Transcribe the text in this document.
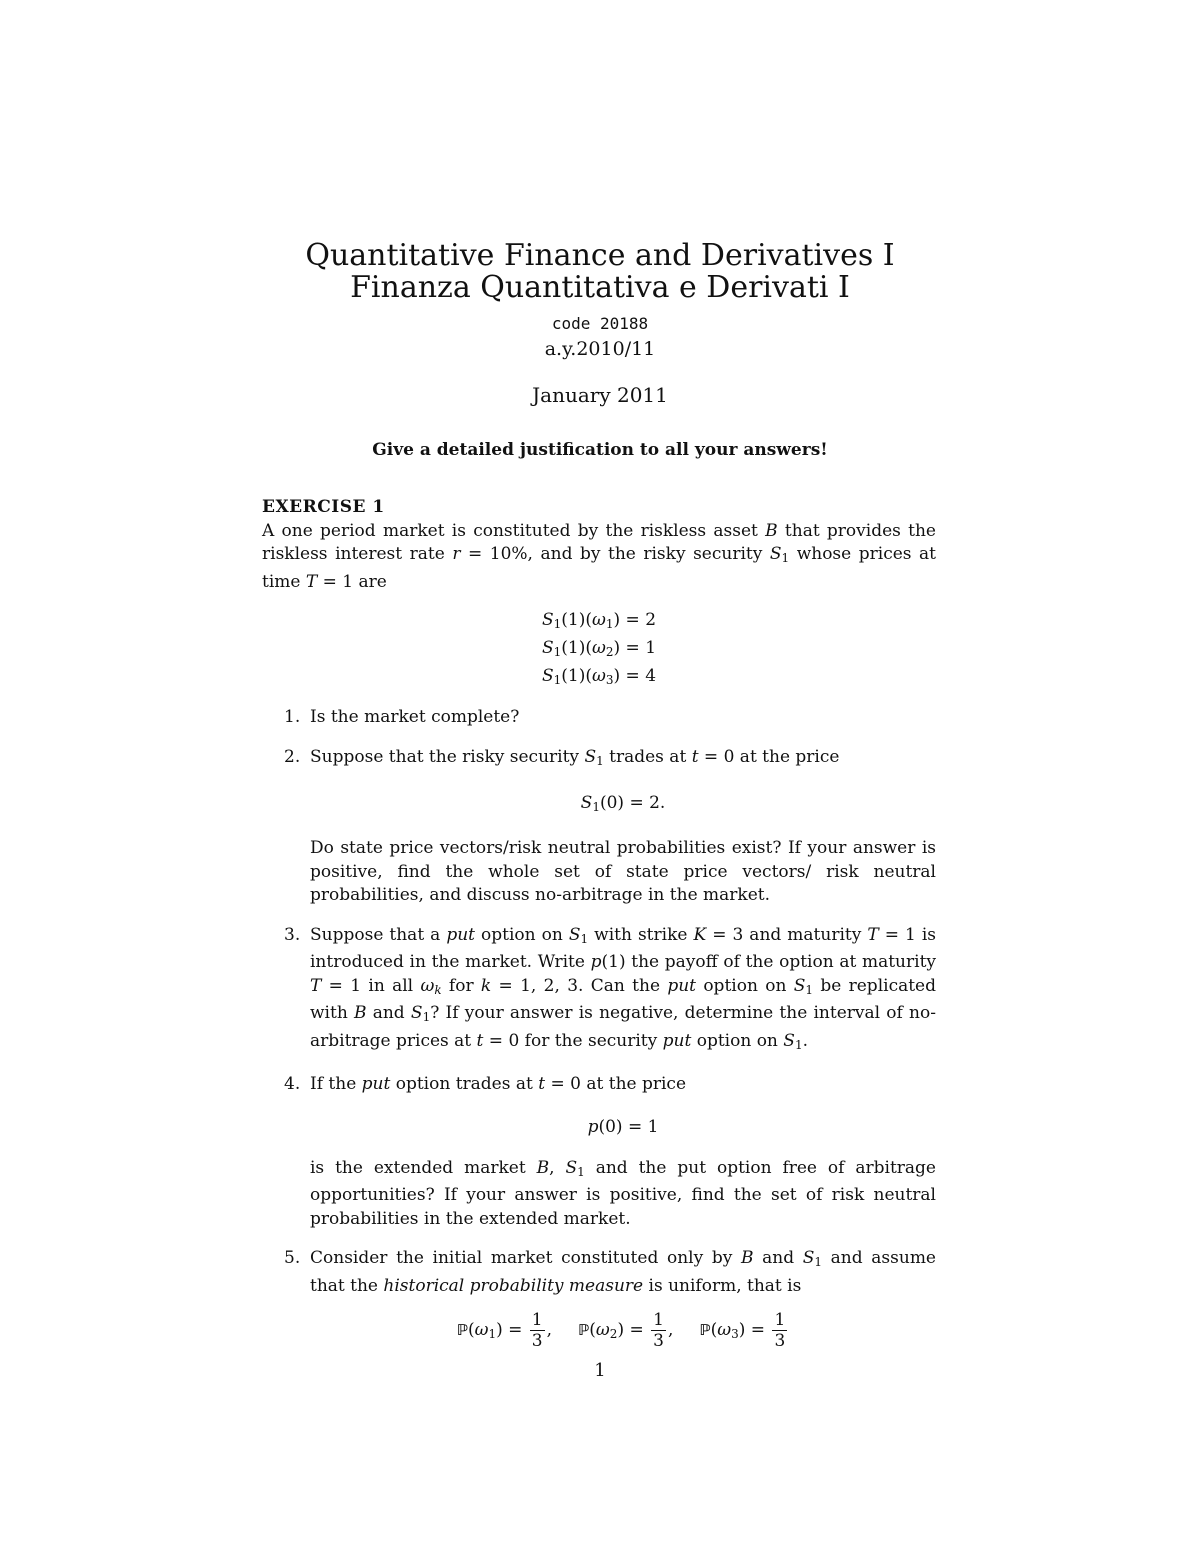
Quantitative Finance and Derivatives I
Finanza Quantitativa e Derivati I
code 20188
a.y.2010/11
January 2011
Give a detailed justification to all your answers!
EXERCISE 1
A one period market is constituted by the riskless asset B that provides the riskless interest rate r = 10%, and by the risky security $S_1$ whose prices at time T = 1 are
$S_1(1)(\omega_1) = 2$
$S_1(1)(\omega_2) = 1$
$S_1(1)(\omega_3) = 4$
1. Is the market complete?

2. Suppose that the risky security $S_1$ trades at t = 0 at the price

$S_1(0) = 2$.

Do state price vectors/risk neutral probabilities exist? If your answer is positive, find the whole set of state price vectors/ risk neutral probabilities, and discuss no-arbitrage in the market.

3. Suppose that a put option on $S_1$ with strike K = 3 and maturity T = 1 is introduced in the market. Write p(1) the payoff of the option at maturity T = 1 in all $\omega_k$ for k = 1, 2, 3. Can the put option on $S_1$ be replicated with B and $S_1$? If your answer is negative, determine the interval of no-arbitrage prices at t = 0 for the security put option on $S_1$.

4. If the put option trades at t = 0 at the price

p(0) = 1

is the extended market B, $S_1$ and the put option free of arbitrage opportunities? If your answer is positive, find the set of risk neutral probabilities in the extended market.

5. Consider the initial market constituted only by B and $S_1$ and assume that the historical probability measure is uniform, that is

$ℙ(\omega_1) = \frac{1}{3}$ , $ℙ(\omega_2) = \frac{1}{3}$ , $ℙ(\omega_3) = \frac{1}{3}$
1
